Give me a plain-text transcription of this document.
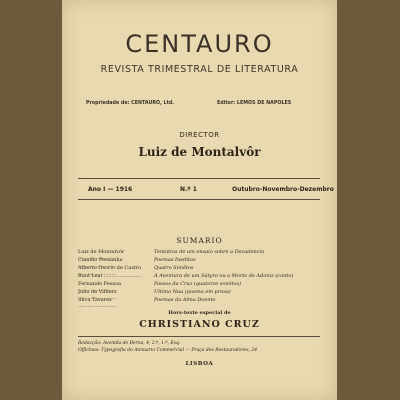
CENTAURO
REVISTA TRIMESTRAL DE LITERATURA
Propriedade de: CENTAURO, Ltd.	Editor: LEMOS DE NAPOLES
DIRECTOR
Luiz de Montalvôr
Ano I — 1916	N.º 1	Outubro-Novembro-Dezembro
SUMARIO
Luiz de Montalvôr .....	Tentativa de um ensaio sobre a Decadencia
Camillo Pessanha .....	Poemas Ineditos
Alberto Osorio de Castro .....	Quatro Sonêtos
Raul Leal .....	A Aventura de um Sátyro ou a Morte de Adonis (conto)
Fernando Pessoa .....	Passos da Cruz (quatorze sonêtos)
Julio de Villiers .....	Ultimo Nau (poema em prosa)
Silva Tavares .....	Poemas da Alma Doente
Hors-texte especial de
CHRISTIANO CRUZ
Redacção: Avenida de Berna, 4, 2.º, 1.º, Esq.
Officinas: Typografia do Annuario Commercial — Praça dos Restauradores, 24
LISBOA
